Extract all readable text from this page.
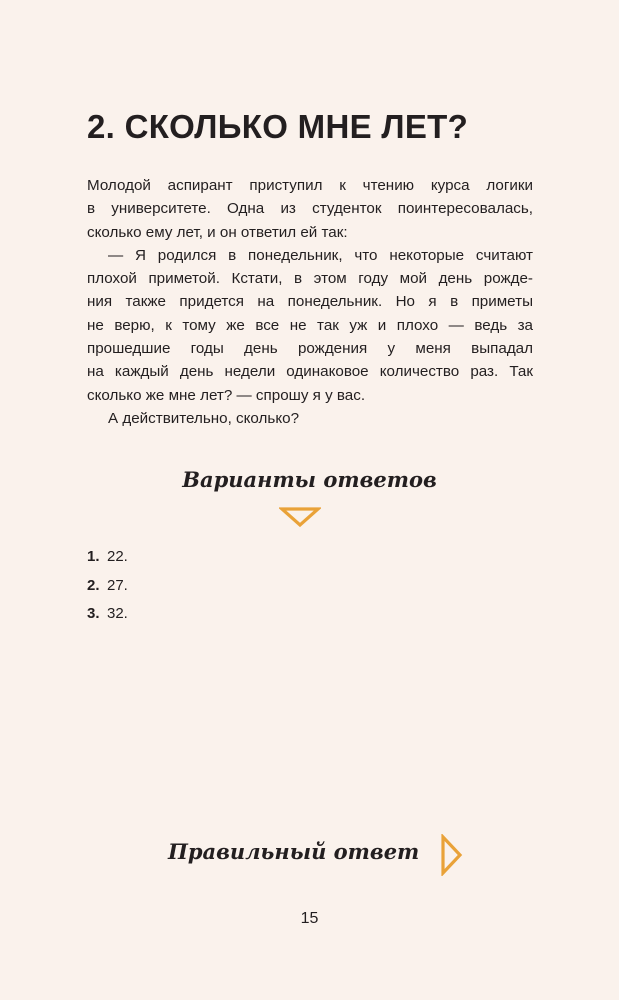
2. СКОЛЬКО МНЕ ЛЕТ?
Молодой аспирант приступил к чтению курса логики
в университете. Одна из студенток поинтересовалась,
сколько ему лет, и он ответил ей так:
— Я родился в понедельник, что некоторые считают
плохой приметой. Кстати, в этом году мой день рожде-
ния также придется на понедельник. Но я в приметы
не верю, к тому же все не так уж и плохо — ведь за
прошедшие годы день рождения у меня выпадал
на каждый день недели одинаковое количество раз. Так
сколько же мне лет? — спрошу я у вас.
А действительно, сколько?
Варианты ответов
1. 22.
2. 27.
3. 32.
Правильный ответ
15
